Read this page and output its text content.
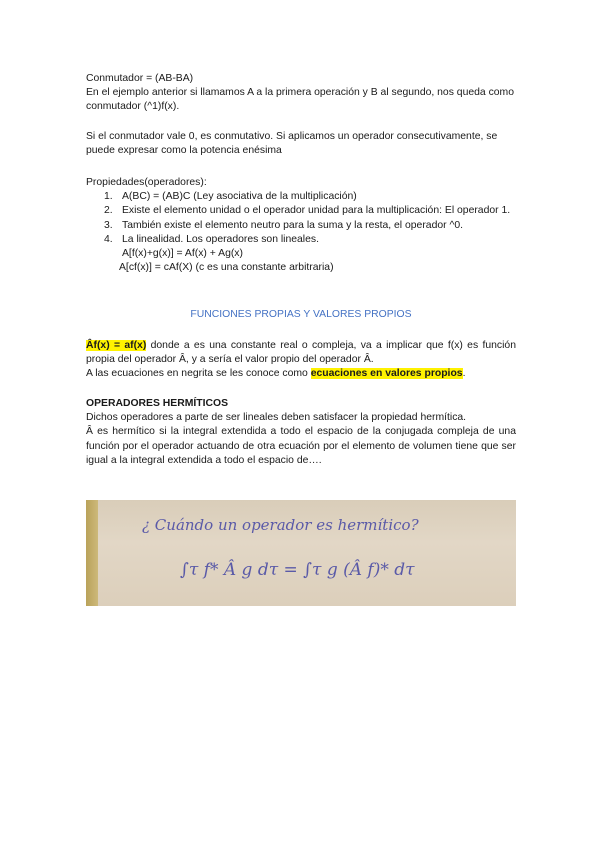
Conmutador = (AB-BA)
En el ejemplo anterior si llamamos A a la primera operación y B al segundo, nos queda como conmutador (^1)f(x).
Si el conmutador vale 0, es conmutativo. Si aplicamos un operador consecutivamente, se puede expresar como la potencia enésima
Propiedades(operadores):
1. A(BC) = (AB)C (Ley asociativa de la multiplicación)
2. Existe el elemento unidad o el operador unidad para la multiplicación: El operador 1.
3. También existe el elemento neutro para la suma y la resta, el operador ^0.
4. La linealidad. Los operadores son lineales.
A[f(x)+g(x)] = Af(x) + Ag(x)
A[cf(x)] = cAf(X) (c es una constante arbitraria)
FUNCIONES PROPIAS Y VALORES PROPIOS
Âf(x) = af(x) donde a es una constante real o compleja, va a implicar que f(x) es función propia del operador Â, y a sería el valor propio del operador Â.
A las ecuaciones en negrita se les conoce como ecuaciones en valores propios.
OPERADORES HERMÍTICOS
Dichos operadores a parte de ser lineales deben satisfacer la propiedad hermítica.
Â es hermítico si la integral extendida a todo el espacio de la conjugada compleja de una función por el operador actuando de otra ecuación por el elemento de volumen tiene que ser igual a la integral extendida a todo el espacio de….
¿ Cuándo un operador es hermítico?
∫τ f* Â g dτ = ∫τ g (Â f)* dτ
